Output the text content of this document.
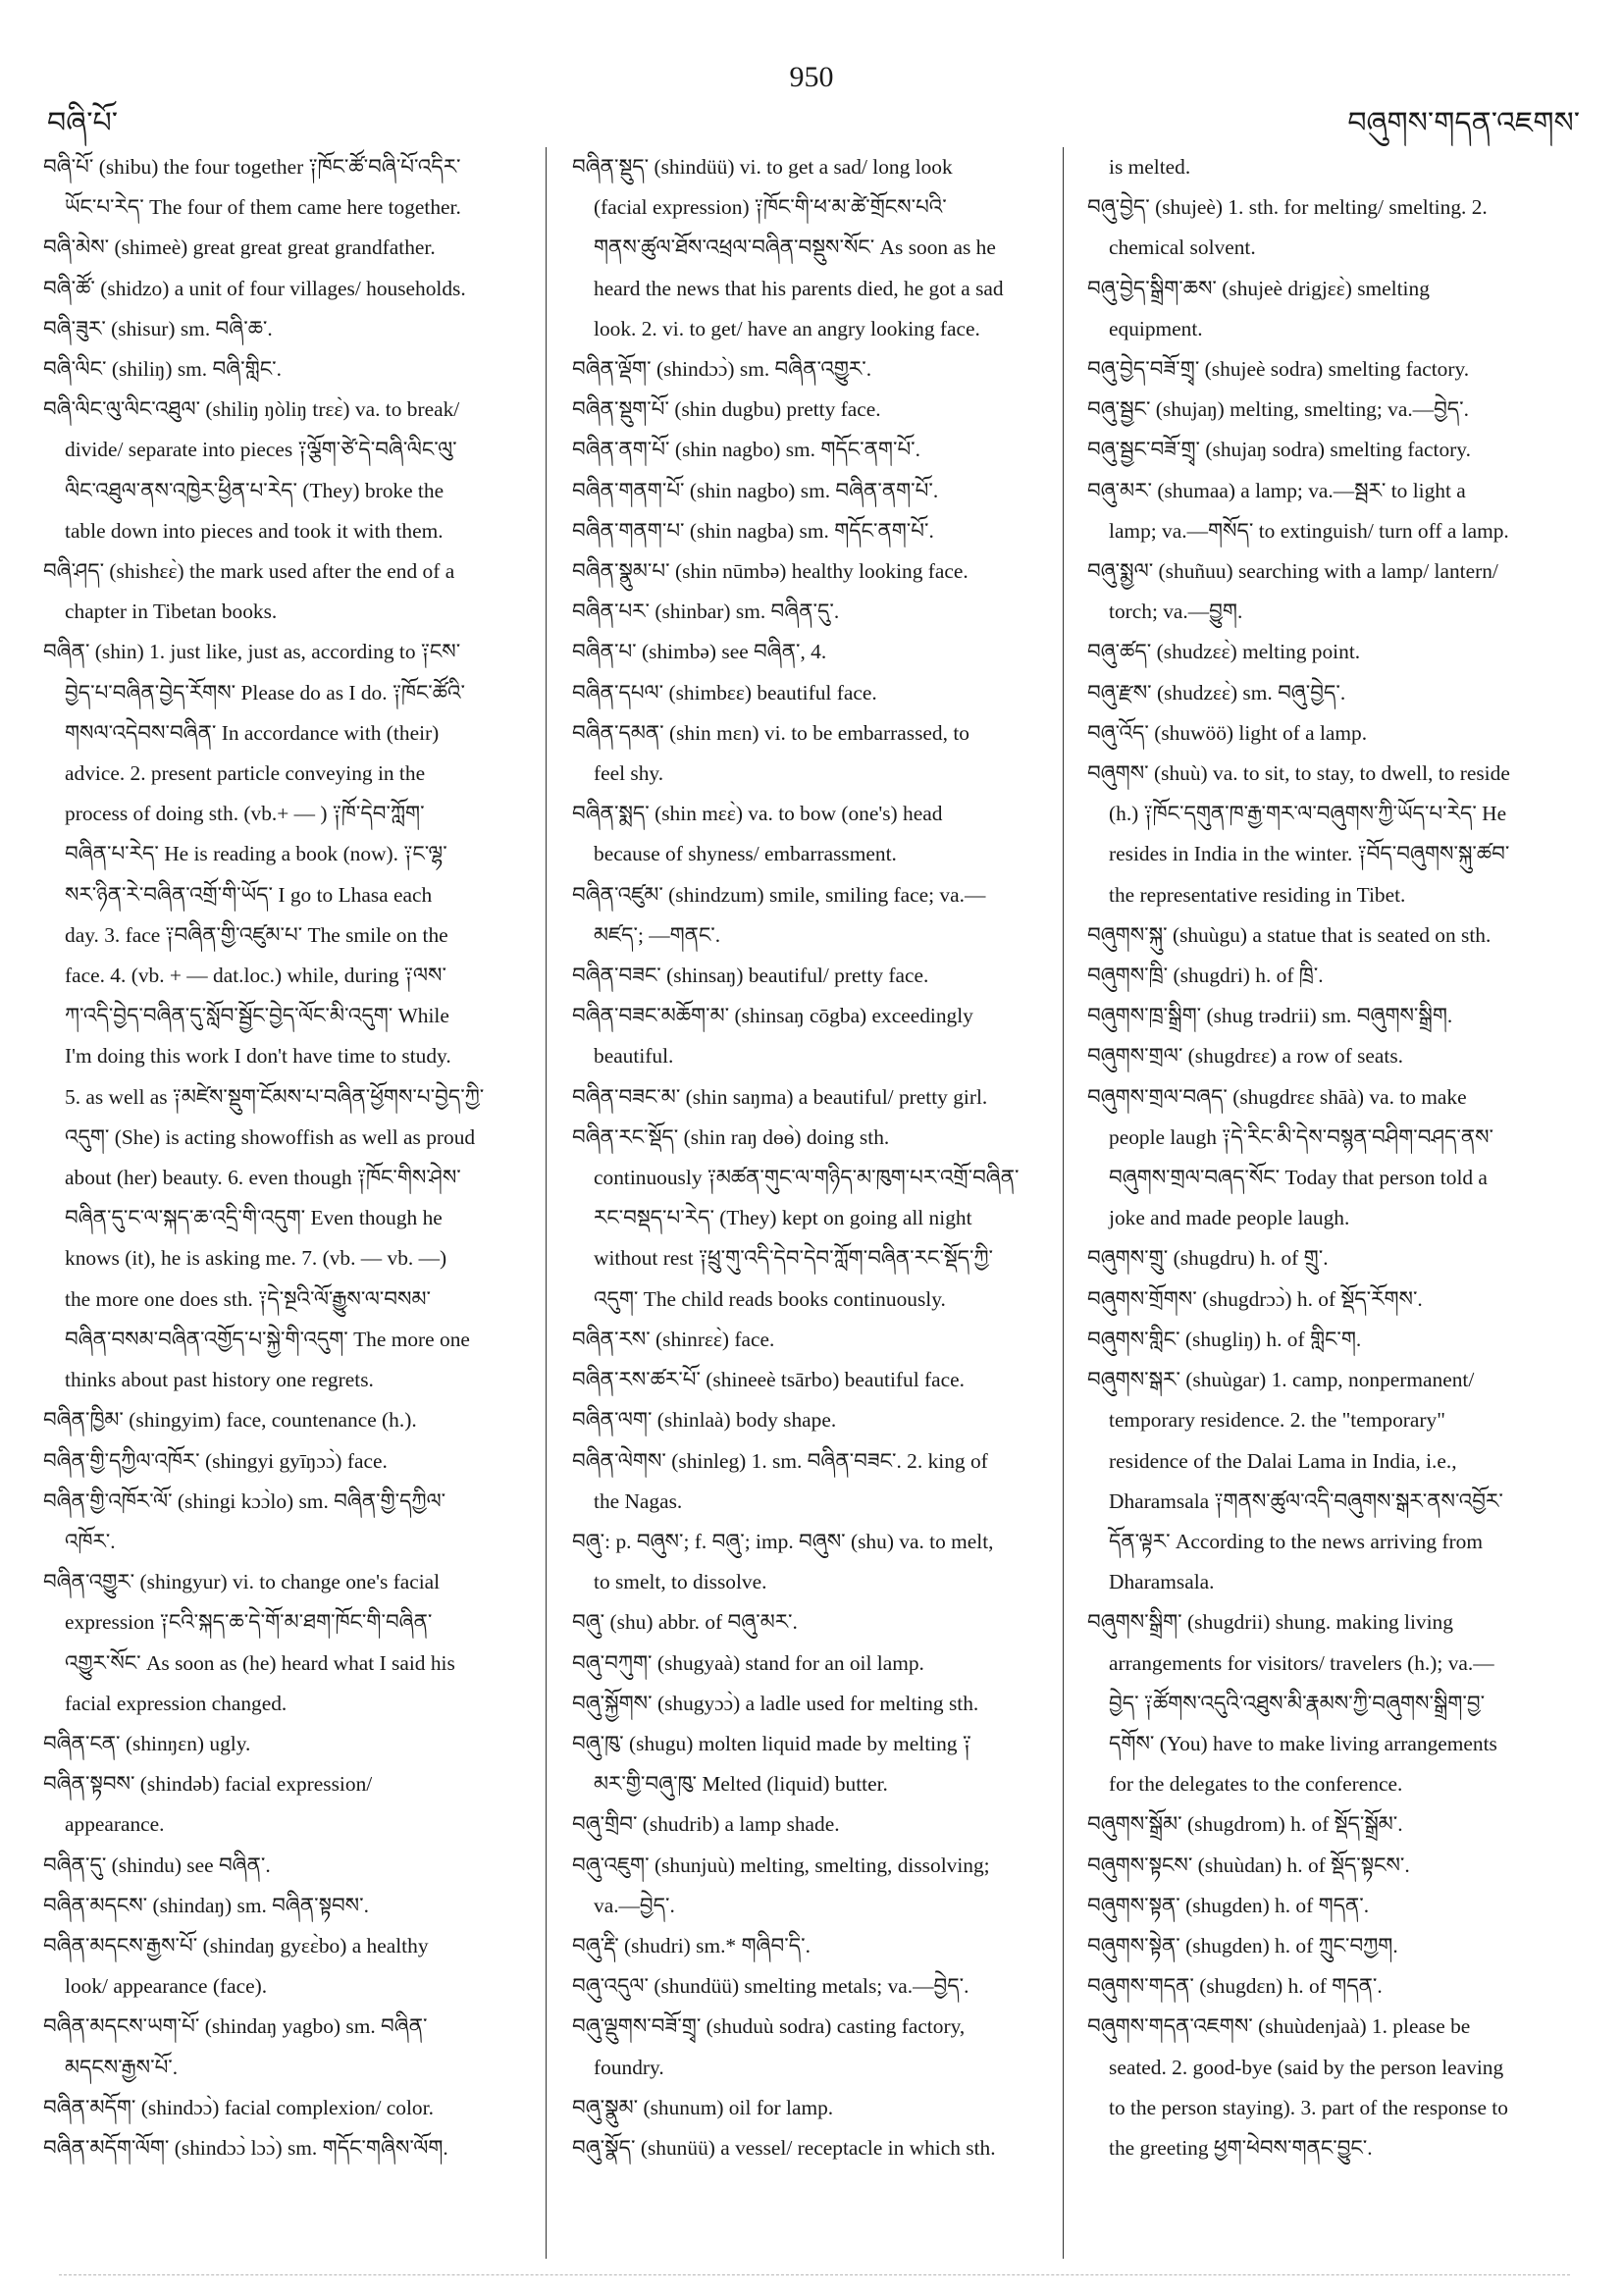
བཞི་པོ་
950
བཞུགས་གདན་འཇགས་
བཞི་པོ་ (shibu) the four together ༑ཁོང་ཚོ་བཞི་པོ་འདིར་
ཡོང་པ་རེད་ The four of them came here together.
བཞི་མེས་ (shimeè) great great great grandfather.
བཞི་ཚོ་ (shidzo) a unit of four villages/ households.
བཞི་ཟུར་ (shisur) sm. བཞི་ཆ་.
བཞི་ལིང་ (shiliŋ) sm. བཞི་གླིང་.
བཞི་ལིང་ལུ་ལིང་འཐུལ་ (shiliŋ ŋòliŋ trɛɛ̀) va. to break/
divide/ separate into pieces ༑ལྕོག་ཙེ་དེ་བཞི་ལིང་ལུ་
ལིང་འཐུལ་ནས་འཁྱེར་ཕྱིན་པ་རེད་ (They) broke the
table down into pieces and took it with them.
བཞི་ཤད་ (shishɛɛ̀) the mark used after the end of a
chapter in Tibetan books.
བཞིན་ (shin) 1. just like, just as, according to ༑ངས་
བྱེད་པ་བཞིན་བྱེད་རོགས་ Please do as I do. ༑ཁོང་ཚོའི་
གསལ་འདེབས་བཞིན་ In accordance with (their)
advice. 2. present particle conveying in the
process of doing sth. (vb.+ — ) ༑ཁོ་དེབ་ཀློག་
བཞིན་པ་རེད་ He is reading a book (now). ༑ང་ལྷ་
སར་ཉིན་རེ་བཞིན་འགྲོ་གི་ཡོད་ I go to Lhasa each
day. 3. face ༑བཞིན་གྱི་འཛུམ་པ་ The smile on the
face. 4. (vb. + — dat.loc.) while, during ༑ལས་
ཀ་འདི་བྱེད་བཞིན་དུ་སློབ་སྦྱོང་བྱེད་ལོང་མི་འདུག་ While
I'm doing this work I don't have time to study.
5. as well as ༑མཛེས་སྡུག་ངོམས་པ་བཞིན་ཕྱོགས་པ་བྱེད་ཀྱི་
འདུག་ (She) is acting showoffish as well as proud
about (her) beauty. 6. even though ༑ཁོང་གིས་ཤེས་
བཞིན་དུ་ང་ལ་སྐད་ཆ་འདྲི་གི་འདུག་ Even though he
knows (it), he is asking me. 7. (vb. — vb. —)
the more one does sth. ༑དེ་སྔའི་ལོ་རྒྱུས་ལ་བསམ་
བཞིན་བསམ་བཞིན་འགྱོད་པ་སྐྱེ་གི་འདུག་ The more one
thinks about past history one regrets.
བཞིན་ཁྱིམ་ (shingyim) face, countenance (h.).
བཞིན་གྱི་དཀྱིལ་འཁོར་ (shingyi gyīŋɔɔ̀) face.
བཞིན་གྱི་འཁོར་ལོ་ (shingi kɔɔ̀lo) sm. བཞིན་གྱི་དཀྱིལ་
འཁོར་.
བཞིན་འགྱུར་ (shingyur) vi. to change one's facial
expression ༑ངའི་སྐད་ཆ་དེ་གོ་མ་ཐག་ཁོང་གི་བཞིན་
འགྱུར་སོང་ As soon as (he) heard what I said his
facial expression changed.
བཞིན་ངན་ (shinŋɛn) ugly.
བཞིན་སྟབས་ (shindəb) facial expression/
appearance.
བཞིན་དུ་ (shindu) see བཞིན་.
བཞིན་མདངས་ (shindaŋ) sm. བཞིན་སྟབས་.
བཞིན་མདངས་རྒྱས་པོ་ (shindaŋ gyɛɛ̀bo) a healthy
look/ appearance (face).
བཞིན་མདངས་ཡག་པོ་ (shindaŋ yagbo) sm. བཞིན་
མདངས་རྒྱས་པོ་.
བཞིན་མདོག་ (shindɔɔ̀) facial complexion/ color.
བཞིན་མདོག་ལོག་ (shindɔɔ̀ lɔɔ̀) sm. གདོང་གཞིས་ལོག.
བཞིན་སྡུད་ (shindüü) vi. to get a sad/ long look
(facial expression) ༑ཁོང་གི་ཕ་མ་ཚེ་གྲོངས་པའི་
གནས་ཚུལ་ཐོས་འཕྲལ་བཞིན་བསྡུས་སོང་ As soon as he
heard the news that his parents died, he got a sad
look. 2. vi. to get/ have an angry looking face.
བཞིན་ལྡོག་ (shindɔɔ̀) sm. བཞིན་འགྱུར་.
བཞིན་སྡུག་པོ་ (shin dugbu) pretty face.
བཞིན་ནག་པོ་ (shin nagbo) sm. གདོང་ནག་པོ་.
བཞིན་གནག་པོ་ (shin nagbo) sm. བཞིན་ནག་པོ་.
བཞིན་གནག་པ་ (shin nagba) sm. གདོང་ནག་པོ་.
བཞིན་སྣུམ་པ་ (shin nūmbə) healthy looking face.
བཞིན་པར་ (shinbar) sm. བཞིན་དུ་.
བཞིན་པ་ (shimbə) see བཞིན་, 4.
བཞིན་དཔལ་ (shimbɛɛ) beautiful face.
བཞིན་དམན་ (shin mɛn) vi. to be embarrassed, to
feel shy.
བཞིན་སྨད་ (shin mɛɛ̀) va. to bow (one's) head
because of shyness/ embarrassment.
བཞིན་འཛུམ་ (shindzum) smile, smiling face; va.—
མཛད་; —གནང་.
བཞིན་བཟང་ (shinsaŋ) beautiful/ pretty face.
བཞིན་བཟང་མཆོག་མ་ (shinsaŋ cōgba) exceedingly
beautiful.
བཞིན་བཟང་མ་ (shin saŋma) a beautiful/ pretty girl.
བཞིན་རང་སྡོད་ (shin raŋ dɵɵ̀) doing sth.
continuously ༑མཚན་གུང་ལ་གཉིད་མ་ཁུག་པར་འགྲོ་བཞིན་
རང་བསྡད་པ་རེད་ (They) kept on going all night
without rest ༑ཕྲུ་གུ་འདི་དེབ་དེབ་ཀློག་བཞིན་རང་སྡོད་ཀྱི་
འདུག་ The child reads books continuously.
བཞིན་རས་ (shinrɛɛ̀) face.
བཞིན་རས་ཚར་པོ་ (shineeè tsārbo) beautiful face.
བཞིན་ལག་ (shinlaà) body shape.
བཞིན་ལེགས་ (shinleg) 1. sm. བཞིན་བཟང་. 2. king of
the Nagas.
བཞུ་: p. བཞུས་; f. བཞུ་; imp. བཞུས་ (shu) va. to melt,
to smelt, to dissolve.
བཞུ་ (shu) abbr. of བཞུ་མར་.
བཞུ་བཀུག་ (shugyaà) stand for an oil lamp.
བཞུ་སྐྱོགས་ (shugyɔɔ̀) a ladle used for melting sth.
བཞུ་ཁུ་ (shugu) molten liquid made by melting ༑
མར་གྱི་བཞུ་ཁུ་ Melted (liquid) butter.
བཞུ་གྲིབ་ (shudrib) a lamp shade.
བཞུ་འཇུག་ (shunjuù) melting, smelting, dissolving;
va.—བྱེད་.
བཞུ་རྡི་ (shudri) sm.* གཞིབ་དི་.
བཞུ་འདུལ་ (shundüü) smelting metals; va.—བྱེད་.
བཞུ་ལྡུགས་བཟོ་གྲྭ་ (shuduù sodra) casting factory,
foundry.
བཞུ་སྣུམ་ (shunum) oil for lamp.
བཞུ་སྣོད་ (shunüü) a vessel/ receptacle in which sth.
is melted.
བཞུ་བྱེད་ (shujeè) 1. sth. for melting/ smelting. 2.
chemical solvent.
བཞུ་བྱེད་སྒྲིག་ཆས་ (shujeè drigjɛɛ̀) smelting
equipment.
བཞུ་བྱེད་བཟོ་གྲྭ་ (shujeè sodra) smelting factory.
བཞུ་སྦྱང་ (shujaŋ) melting, smelting; va.—བྱེད་.
བཞུ་སྦྱང་བཟོ་གྲྭ་ (shujaŋ sodra) smelting factory.
བཞུ་མར་ (shumaa) a lamp; va.—སྦར་ to light a
lamp; va.—གསོད་ to extinguish/ turn off a lamp.
བཞུ་སྨྱལ་ (shuñuu) searching with a lamp/ lantern/
torch; va.—བྱུག.
བཞུ་ཚད་ (shudzɛɛ̀) melting point.
བཞུ་རྫས་ (shudzɛɛ̀) sm. བཞུ་བྱེད་.
བཞུ་འོད་ (shuwöö) light of a lamp.
བཞུགས་ (shuù) va. to sit, to stay, to dwell, to reside
(h.) ༑ཁོང་དགུན་ཁ་རྒྱ་གར་ལ་བཞུགས་ཀྱི་ཡོད་པ་རེད་ He
resides in India in the winter. ༑བོད་བཞུགས་སྐུ་ཚབ་
the representative residing in Tibet.
བཞུགས་སྐུ་ (shuùgu) a statue that is seated on sth.
བཞུགས་ཁྲི་ (shugdri) h. of ཁྲི་.
བཞུགས་ཁྲ་སྒྲིག་ (shug trədrii) sm. བཞུགས་སྒྲིག.
བཞུགས་གྲལ་ (shugdrɛɛ) a row of seats.
བཞུགས་གྲལ་བཞད་ (shugdrɛɛ shāà) va. to make
people laugh ༑དེ་རིང་མི་དེས་བསྙན་བཤིག་བཤད་ནས་
བཞུགས་གྲལ་བཞད་སོང་ Today that person told a
joke and made people laugh.
བཞུགས་གྲུ་ (shugdru) h. of གྲུ་.
བཞུགས་གྲོགས་ (shugdrɔɔ̀) h. of སྡོད་རོགས་.
བཞུགས་གླིང་ (shugliŋ) h. of གླིང་ག.
བཞུགས་སྒར་ (shuùgar) 1. camp, nonpermanent/
temporary residence. 2. the "temporary"
residence of the Dalai Lama in India, i.e.,
Dharamsala ༑གནས་ཚུལ་འདི་བཞུགས་སྒར་ནས་འབྱོར་
དོན་ལྟར་ According to the news arriving from
Dharamsala.
བཞུགས་སྒྲིག་ (shugdrii) shung. making living
arrangements for visitors/ travelers (h.); va.—
བྱེད་ ༑ཚོགས་འདུའི་འཐུས་མི་རྣམས་ཀྱི་བཞུགས་སྒྲིག་བྱ་
དགོས་ (You) have to make living arrangements
for the delegates to the conference.
བཞུགས་སྒྲོམ་ (shugdrom) h. of སྡོད་སྒྲོམ་.
བཞུགས་སྟངས་ (shuùdan) h. of སྡོད་སྟངས་.
བཞུགས་སྟན་ (shugden) h. of གདན་.
བཞུགས་སྟེན་ (shugden) h. of ཀྲུང་བཀྱག.
བཞུགས་གདན་ (shugdɛn) h. of གདན་.
བཞུགས་གདན་འཇགས་ (shuùdenjaà) 1. please be
seated. 2. good-bye (said by the person leaving
to the person staying). 3. part of the response to
the greeting ཕྱག་ཕེབས་གནང་བྱུང་.
